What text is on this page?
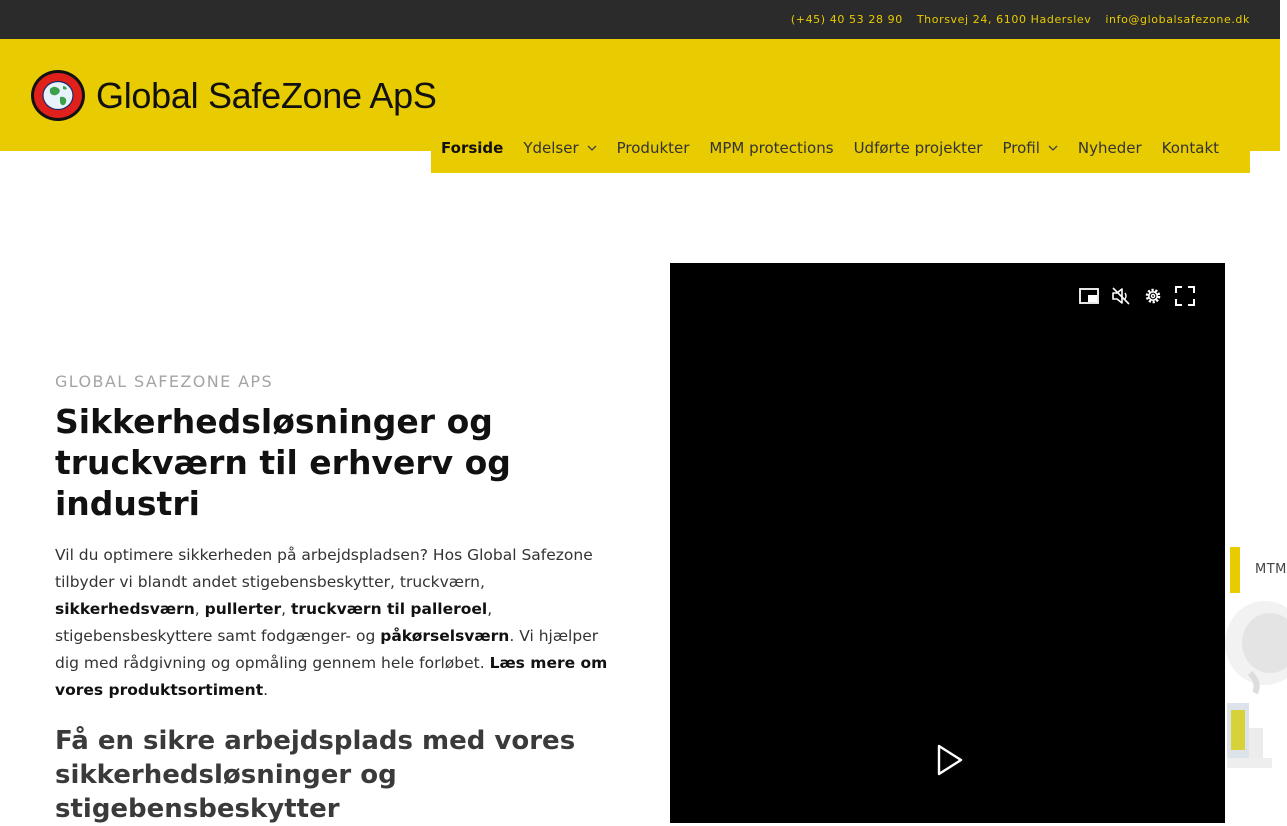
(+45) 40 53 28 90 Thorsvej 24, 6100 Haderslev info@globalsafezone.dk
Global SafeZone ApS
Forside Ydelser	Produkter MPM protections Udførte projekter Profil	Nyheder Kontakt
GLOBAL SAFEZONE APS
Sikkerhedsløsninger og truckværn til erhverv og industri

Vil du optimere sikkerheden på arbejdspladsen? Hos Global Safezone tilbyder vi blandt andet stigebensbeskytter, truckværn, sikkerhedsværn, pullerter, truckværn til palleroel, stigebensbeskyttere samt fodgænger- og påkørselsværn. Vi hjælper dig med rådgivning og opmåling gennem hele forløbet. Læs mere om vores produktsortiment.

Få en sikre arbejdsplads med vores sikkerhedsløsninger og stigebensbeskytter
MTM
